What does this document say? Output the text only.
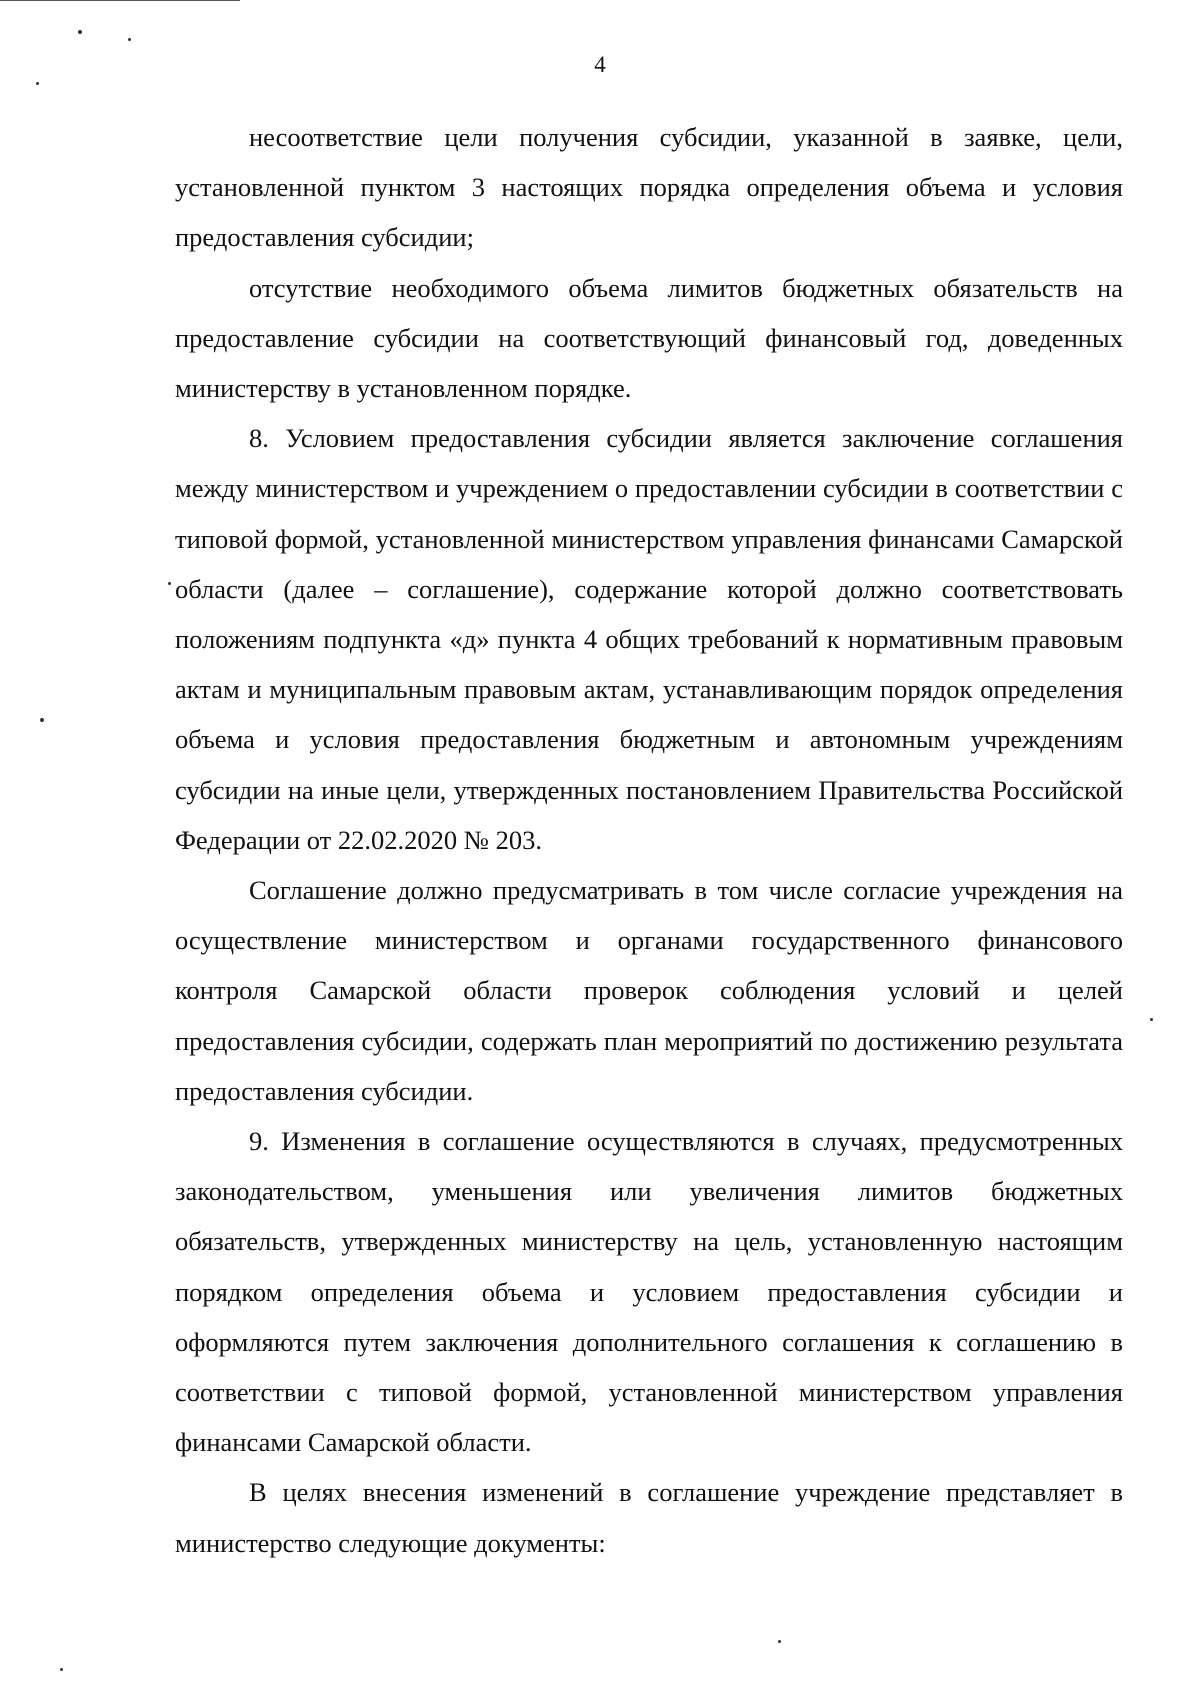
4

несоответствие цели получения субсидии, указанной в заявке, цели, установленной пунктом 3 настоящих порядка определения объема и условия предоставления субсидии;

отсутствие необходимого объема лимитов бюджетных обязательств на предоставление субсидии на соответствующий финансовый год, доведенных министерству в установленном порядке.

8. Условием предоставления субсидии является заключение соглашения между министерством и учреждением о предоставлении субсидии в соответствии с типовой формой, установленной министерством управления финансами Самарской области (далее – соглашение), содержание которой должно соответствовать положениям подпункта «д» пункта 4 общих требований к нормативным правовым актам и муниципальным правовым актам, устанавливающим порядок определения объема и условия предоставления бюджетным и автономным учреждениям субсидии на иные цели, утвержденных постановлением Правительства Российской Федерации от 22.02.2020 № 203.

Соглашение должно предусматривать в том числе согласие учреждения на осуществление министерством и органами государственного финансового контроля Самарской области проверок соблюдения условий и целей предоставления субсидии, содержать план мероприятий по достижению результата предоставления субсидии.

9. Изменения в соглашение осуществляются в случаях, предусмотренных законодательством, уменьшения или увеличения лимитов бюджетных обязательств, утвержденных министерству на цель, установленную настоящим порядком определения объема и условием предоставления субсидии и оформляются путем заключения дополнительного соглашения к соглашению в соответствии с типовой формой, установленной министерством управления финансами Самарской области.

В целях внесения изменений в соглашение учреждение представляет в министерство следующие документы:
